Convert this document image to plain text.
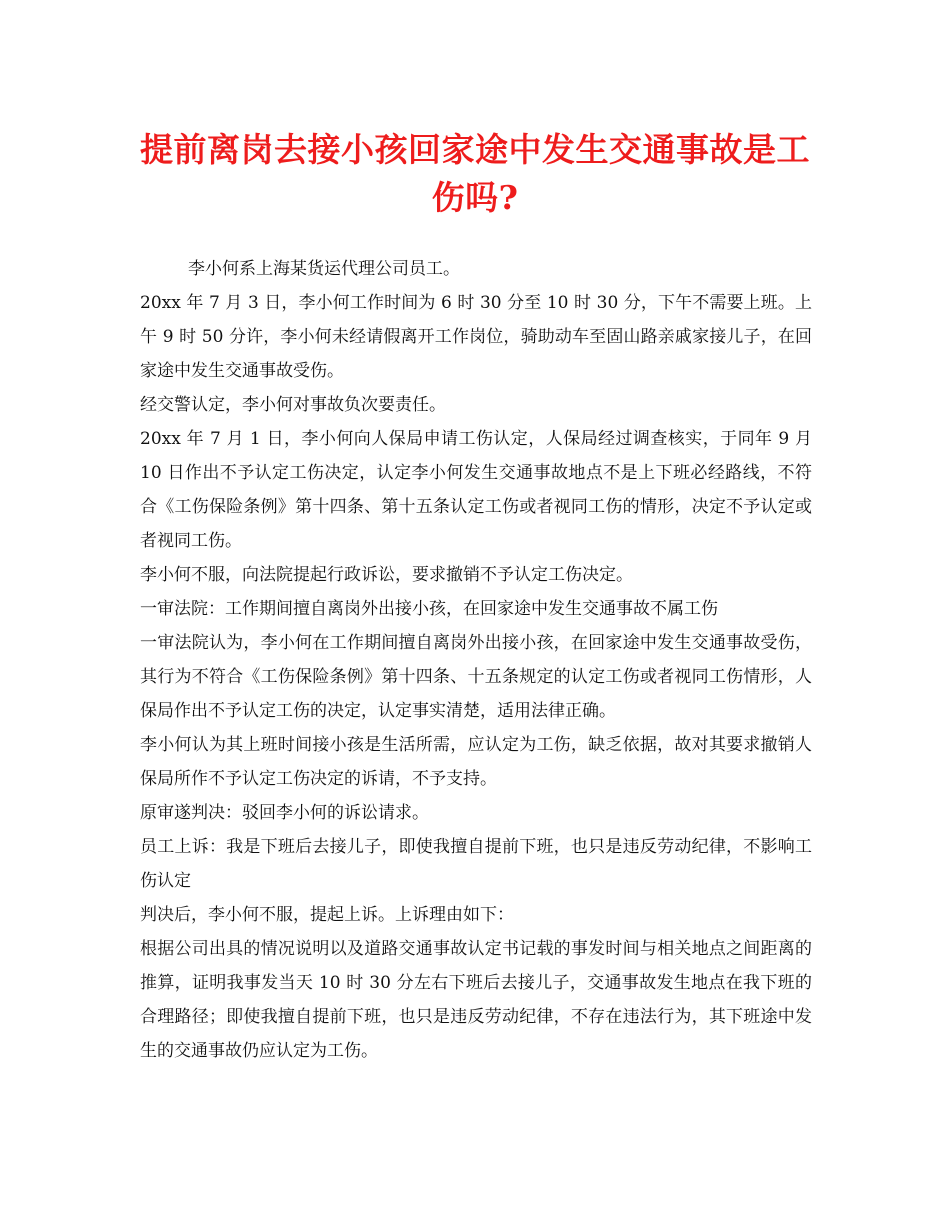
提前离岗去接小孩回家途中发生交通事故是工伤吗?

李小何系上海某货运代理公司员工。

20xx 年 7 月 3 日，李小何工作时间为 6 时 30 分至 10 时 30 分，下午不需要上班。上午 9 时 50 分许，李小何未经请假离开工作岗位，骑助动车至固山路亲戚家接儿子，在回家途中发生交通事故受伤。

经交警认定，李小何对事故负次要责任。

20xx 年 7 月 1 日，李小何向人保局申请工伤认定，人保局经过调查核实，于同年 9 月 10 日作出不予认定工伤决定，认定李小何发生交通事故地点不是上下班必经路线，不符合《工伤保险条例》第十四条、第十五条认定工伤或者视同工伤的情形，决定不予认定或者视同工伤。

李小何不服，向法院提起行政诉讼，要求撤销不予认定工伤决定。

一审法院：工作期间擅自离岗外出接小孩，在回家途中发生交通事故不属工伤

一审法院认为，李小何在工作期间擅自离岗外出接小孩，在回家途中发生交通事故受伤，其行为不符合《工伤保险条例》第十四条、十五条规定的认定工伤或者视同工伤情形，人保局作出不予认定工伤的决定，认定事实清楚，适用法律正确。

李小何认为其上班时间接小孩是生活所需，应认定为工伤，缺乏依据，故对其要求撤销人保局所作不予认定工伤决定的诉请，不予支持。

原审遂判决：驳回李小何的诉讼请求。

员工上诉：我是下班后去接儿子，即使我擅自提前下班，也只是违反劳动纪律，不影响工伤认定

判决后，李小何不服，提起上诉。上诉理由如下：

根据公司出具的情况说明以及道路交通事故认定书记载的事发时间与相关地点之间距离的推算，证明我事发当天 10 时 30 分左右下班后去接儿子，交通事故发生地点在我下班的合理路径；即使我擅自提前下班，也只是违反劳动纪律，不存在违法行为，其下班途中发生的交通事故仍应认定为工伤。
